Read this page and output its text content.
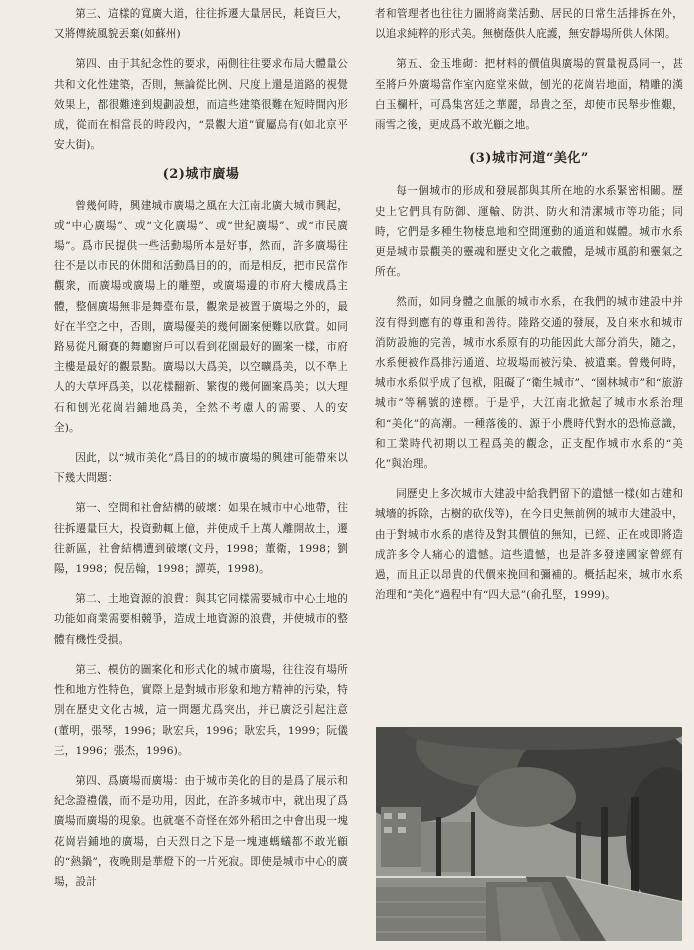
第三、這樣的寬廣大道，往往拆遷大量居民，耗資巨大，又將傳統風貌丟棄(如蘇州)

第四、由于其紀念性的要求，兩側往往要求布局大體量公共和文化性建築，否則，無論從比例、尺度上還是道路的視覺效果上，都很難達到規劃設想，而這些建築很難在短時間內形成，從而在相當長的時段內，“景觀大道”實屬烏有(如北京平安大街)。

(2)城市廣場

曾幾何時，興建城市廣場之風在大江南北廣大城市興起，或“中心廣場”、或“文化廣場”、或“世紀廣場”、或“市民廣場”。爲市民提供一些活動場所本是好事，然而，許多廣場往往不是以市民的休閒和活動爲目的的，而是相反，把市民當作觀衆，而廣場或廣場上的雕塑，或廣場邊的市府大樓成爲主體，整個廣場無非是舞臺布景，觀衆是被置于廣場之外的，最好在半空之中，否則，廣場優美的幾何圖案便難以欣賞。如同路易從凡爾賽的舞廳窗戶可以看到花園最好的圖案一樣，市府主樓是最好的觀景點。廣場以大爲美，以空曠爲美，以不準上人的大草坪爲美，以花樣翻新、繁復的幾何圖案爲美；以大理石和刨光花崗岩鋪地爲美，全然不考慮人的需要、人的安全)。

因此，以“城市美化”爲目的的城市廣場的興建可能帶來以下幾大問題：

第一、空間和社會結構的破壞：如果在城市中心地帶，往往拆遷量巨大，投資動輒上億，并使成千上萬人離開故土，遷往新區，社會結構遭到破壞(文丹，1998；董衛，1998；劉陽，1998；倪岳翰，1998；譚英，1998)。

第二、土地資源的浪費：與其它同樣需要城市中心土地的功能如商業需要相競爭，造成土地資源的浪費，并使城市的整體有機性受損。

第三、模仿的圖案化和形式化的城市廣場，往往沒有場所性和地方性特色，實際上是對城市形象和地方精神的污染，特別在歷史文化古城，這一問題尤爲突出，并已廣泛引起注意(董明，張琴，1996；耿宏兵，1996；耿宏兵，1999；阮儀三，1996；張杰，1996)。

第四、爲廣場而廣場：由于城市美化的目的是爲了展示和紀念證禮儀，而不是功用，因此，在許多城市中，就出現了爲廣場而廣場的現象。也就毫不奇怪在郊外稻田之中會出現一塊花崗岩鋪地的廣場，白天烈日之下是一塊連螞蟻都不敢光顧的“熱鍋”，夜晚則是華燈下的一片死寂。即使是城市中心的廣場，設計

者和管理者也往往力圖將商業活動、居民的日常生活排拆在外，以追求純粹的形式美。無樹蔭供人庇護，無安靜場所供人休閑。

第五、金玉堆砌：把材料的價值與廣場的質量視爲同一，甚至將戶外廣場當作室內庭堂來做，刨光的花崗岩地面，精雕的漢白玉欄杆，可爲集宮廷之華麗，昂貴之至，却使市民舉步惟艱，雨雪之後，更成爲不敢光顧之地。

(3)城市河道“美化”

每一個城市的形成和發展都與其所在地的水系緊密相關。歷史上它們具有防御、運輸、防洪、防火和清潔城市等功能；同時，它們是多種生物棲息地和空間運動的通道和媒體。城市水系更是城市景觀美的靈魂和歷史文化之載體，是城市風韵和靈氣之所在。

然而，如同身體之血脈的城市水系，在我們的城市建設中并沒有得到應有的尊重和善待。陸路交通的發展，及自來水和城市消防設施的完善，城市水系原有的功能因此大部分消失，隨之，水系便被作爲排污通道、垃圾場而被污染、被遺棄。曾幾何時，城市水系似乎成了包袱，阻礙了“衛生城市”、“園林城市”和“旅游城市”等稱號的達標。于是乎，大江南北掀起了城市水系治理和“美化”的高潮。一種落後的、源于小農時代對水的恐怖意識，和工業時代初期以工程爲美的觀念，正支配作城市水系的“美化”與治理。

同歷史上多次城市大建設中給我們留下的遺憾一樣(如古建和城墻的拆除，古樹的砍伐等)，在今日史無前例的城市大建設中，由于對城市水系的虐待及對其價值的無知，已經、正在或即將造成許多令人痛心的遺憾。這些遺憾，也是許多發達國家曾經有過，而且正以昂貴的代價來挽回和彌補的。概括起來，城市水系治理和“美化”過程中有“四大忌”(俞孔堅，1999)。
